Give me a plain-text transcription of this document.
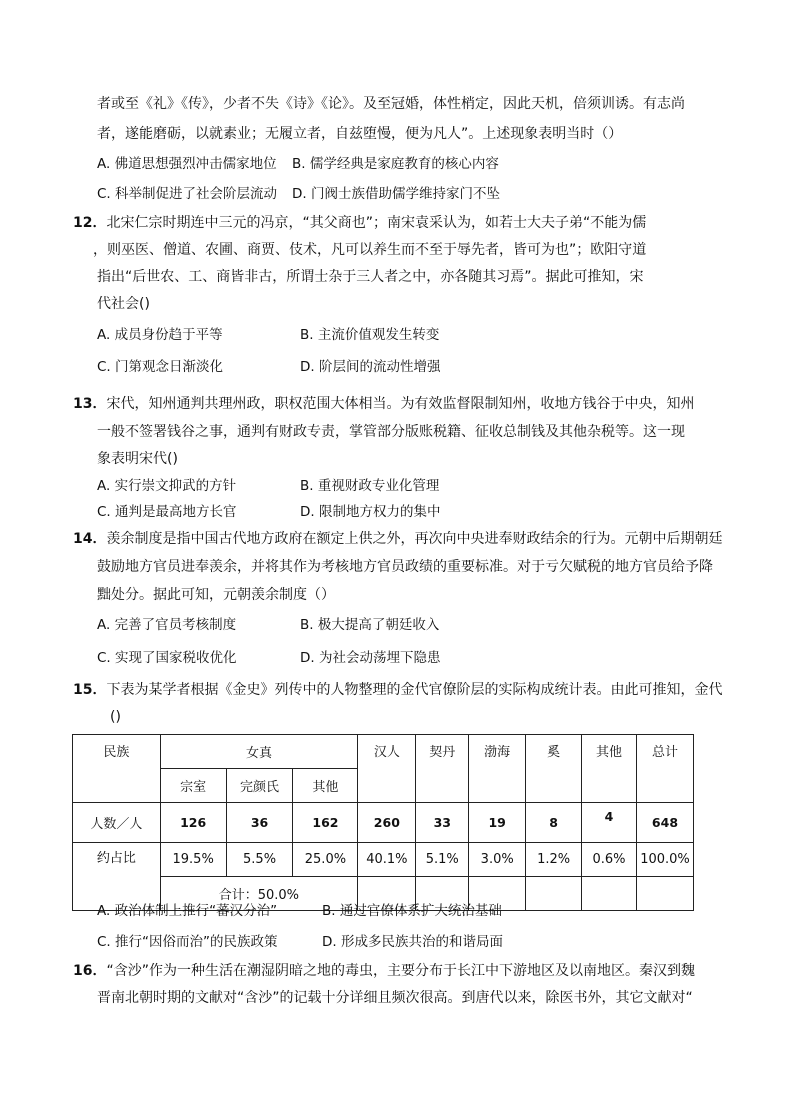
者或至《礼》《传》，少者不失《诗》《论》。及至冠婚，体性梢定，因此天机，倍须训诱。有志尚
者，遂能磨砺，以就素业；无履立者，自兹堕慢，便为凡人”。上述现象表明当时（）
A. 佛道思想强烈冲击儒家地位 B. 儒学经典是家庭教育的核心内容
C. 科举制促进了社会阶层流动 D. 门阀士族借助儒学维持家门不坠
12．北宋仁宗时期连中三元的冯京，“其父商也”；南宋袁采认为，如若士大夫子弟“不能为儒
，则巫医、僧道、农圃、商贾、伎术，凡可以养生而不至于辱先者，皆可为也”；欧阳守道
指出“后世农、工、商皆非古，所谓士杂于三人者之中，亦各随其习焉”。据此可推知，宋
代社会()
A. 成员身份趋于平等	B. 主流价值观发生转变
C. 门第观念日渐淡化	D. 阶层间的流动性增强
13．宋代，知州通判共理州政，职权范围大体相当。为有效监督限制知州，收地方钱谷于中央，知州
一般不签署钱谷之事，通判有财政专责，掌管部分版账税籍、征收总制钱及其他杂税等。这一现
象表明宋代()
A. 实行崇文抑武的方针	B. 重视财政专业化管理
C. 通判是最高地方长官	D. 限制地方权力的集中
14．羡余制度是指中国古代地方政府在额定上供之外，再次向中央进奉财政结余的行为。元朝中后期朝廷
鼓励地方官员进奉羡余，并将其作为考核地方官员政绩的重要标准。对于亏欠赋税的地方官员给予降
黜处分。据此可知，元朝羡余制度（）
A. 完善了官员考核制度	B. 极大提高了朝廷收入
C. 实现了国家税收优化	D. 为社会动荡埋下隐患
15．下表为某学者根据《金史》列传中的人物整理的金代官僚阶层的实际构成统计表。由此可推知，金代
()
民族	女真			汉人	契丹	渤海	奚	其他	总计
	宗室	完颜氏	其他						
人数／人	126	36	162	260	33	19	8	4	648
约占比	19.5%	5.5%	25.0%	40.1%	5.1%	3.0%	1.2%	0.6%	100.0%
	合计：50.0%								
A. 政治体制上推行“蕃汉分治”	B. 通过官僚体系扩大统治基础
C. 推行“因俗而治”的民族政策	D. 形成多民族共治的和谐局面
16．“含沙”作为一种生活在潮湿阴暗之地的毒虫，主要分布于长江中下游地区及以南地区。秦汉到魏
晋南北朝时期的文献对“含沙”的记载十分详细且频次很高。到唐代以来，除医书外，其它文献对“
